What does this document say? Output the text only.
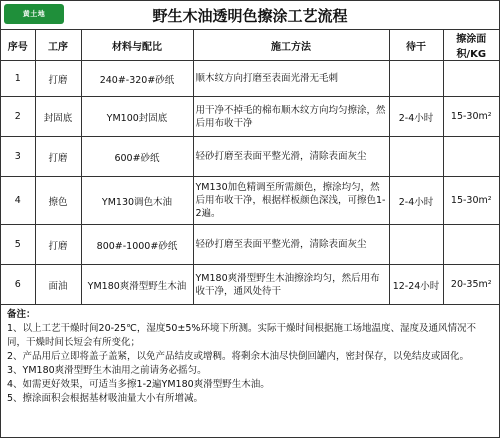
黄土地	野生木油透明色擦涂工艺流程
序号	工序	材料与配比	施工方法	待干	擦涂面积/KG
1	打磨	240#-320#砂纸	顺木纹方向打磨至表面光滑无毛刺		
2	封固底	YM100封固底	用干净不掉毛的棉布顺木纹方向均匀擦涂，然后用布收干净	2-4小时	15-30m²
3	打磨	600#砂纸	轻砂打磨至表面平整光滑，清除表面灰尘		
4	擦色	YM130调色木油	YM130加色精调至所需颜色，擦涂均匀，然后用布收干净，根据样板颜色深浅，可擦色1-2遍。	2-4小时	15-30m²
5	打磨	800#-1000#砂纸	轻砂打磨至表面平整光滑，清除表面灰尘		
6	面油	YM180爽滑型野生木油	YM180爽滑型野生木油擦涂均匀，然后用布收干净，通风处待干	12-24小时	20-35m²
备注：
1、以上工艺干燥时间20-25℃，湿度50±5%环境下所测。实际干燥时间根据施工场地温度、湿度及通风情况不同，干燥时间长短会有所变化；
2、产品用后立即将盖子盖紧，以免产品结皮或增稠。将剩余木油尽快倒回罐内，密封保存，以免结皮或固化。
3、YM180爽滑型野生木油用之前请务必摇匀。
4、如需更好效果，可适当多擦1-2遍YM180爽滑型野生木油。
5、擦涂面积会根据基材吸油量大小有所增减。
